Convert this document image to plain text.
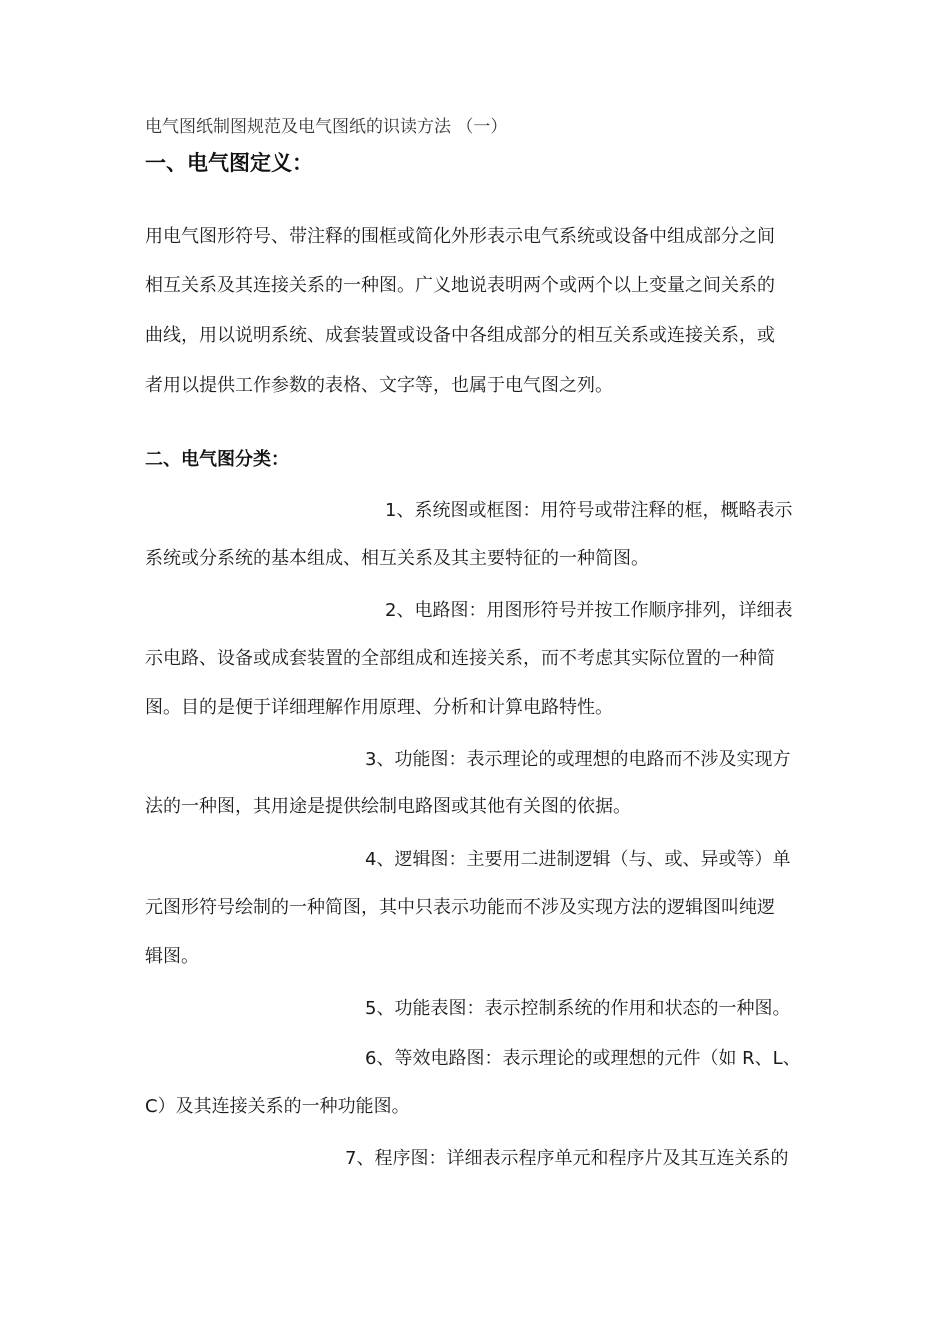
电气图纸制图规范及电气图纸的识读方法 （一）
一、电气图定义：
用电气图形符号、带注释的围框或简化外形表示电气系统或设备中组成部分之间
相互关系及其连接关系的一种图。广义地说表明两个或两个以上变量之间关系的
曲线，用以说明系统、成套装置或设备中各组成部分的相互关系或连接关系，或
者用以提供工作参数的表格、文字等，也属于电气图之列。
二、电气图分类：
1、系统图或框图：用符号或带注释的框，概略表示
系统或分系统的基本组成、相互关系及其主要特征的一种简图。
2、电路图：用图形符号并按工作顺序排列，详细表
示电路、设备或成套装置的全部组成和连接关系，而不考虑其实际位置的一种简
图。目的是便于详细理解作用原理、分析和计算电路特性。
3、功能图：表示理论的或理想的电路而不涉及实现方
法的一种图，其用途是提供绘制电路图或其他有关图的依据。
4、逻辑图：主要用二进制逻辑（与、或、异或等）单
元图形符号绘制的一种简图，其中只表示功能而不涉及实现方法的逻辑图叫纯逻
辑图。
5、功能表图：表示控制系统的作用和状态的一种图。
6、等效电路图：表示理论的或理想的元件（如 R、L、
C）及其连接关系的一种功能图。
7、程序图：详细表示程序单元和程序片及其互连关系的
